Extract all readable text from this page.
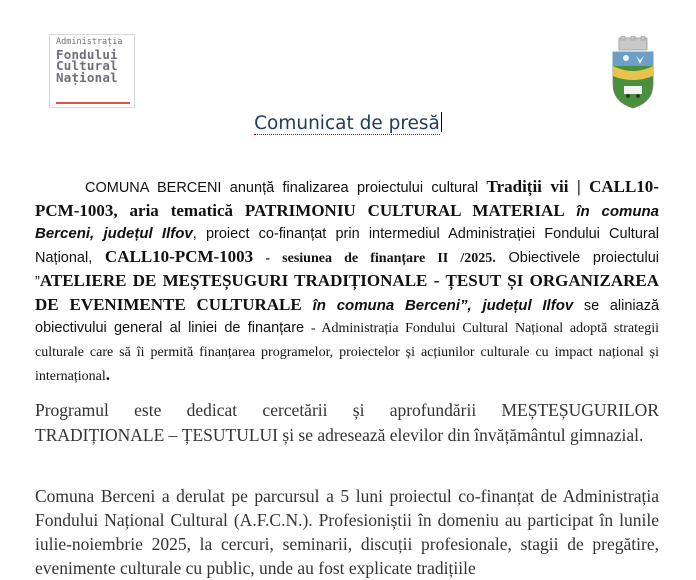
Administrația
Fondului
Cultural
Național
Comunicat de presă
COMUNA BERCENI anunță finalizarea proiectului cultural Tradiții vii | CALL10-PCM-1003, aria tematică PATRIMONIU CULTURAL MATERIAL în comuna Berceni, județul Ilfov, proiect co-finanțat prin intermediul Administrației Fondului Cultural Național, CALL10-PCM-1003 - sesiunea de finanțare II /2025. Obiectivele proiectului ”ATELIERE DE MEȘTEȘUGURI TRADIȚIONALE - ȚESUT ȘI ORGANIZAREA DE EVENIMENTE CULTURALE în comuna Berceni”, județul Ilfov se aliniază obiectivului general al liniei de finanțare - Administrația Fondului Cultural Național adoptă strategii culturale care să îi permită finanțarea programelor, proiectelor și acțiunilor culturale cu impact național și internațional.
Programul este dedicat cercetării și aprofundării MEȘTEȘUGURILOR TRADIȚIONALE – ȚESUTULUI și se adresează elevilor din învățământul gimnazial.
Comuna Berceni a derulat pe parcursul a 5 luni proiectul co-finanțat de Administrația Fondului Național Cultural (A.F.C.N.). Profesioniștii în domeniu au participat în lunile iulie-noiembrie 2025, la cercuri, seminarii, discuții profesionale, stagii de pregătire, evenimente culturale cu public, unde au fost explicate tradițiile
